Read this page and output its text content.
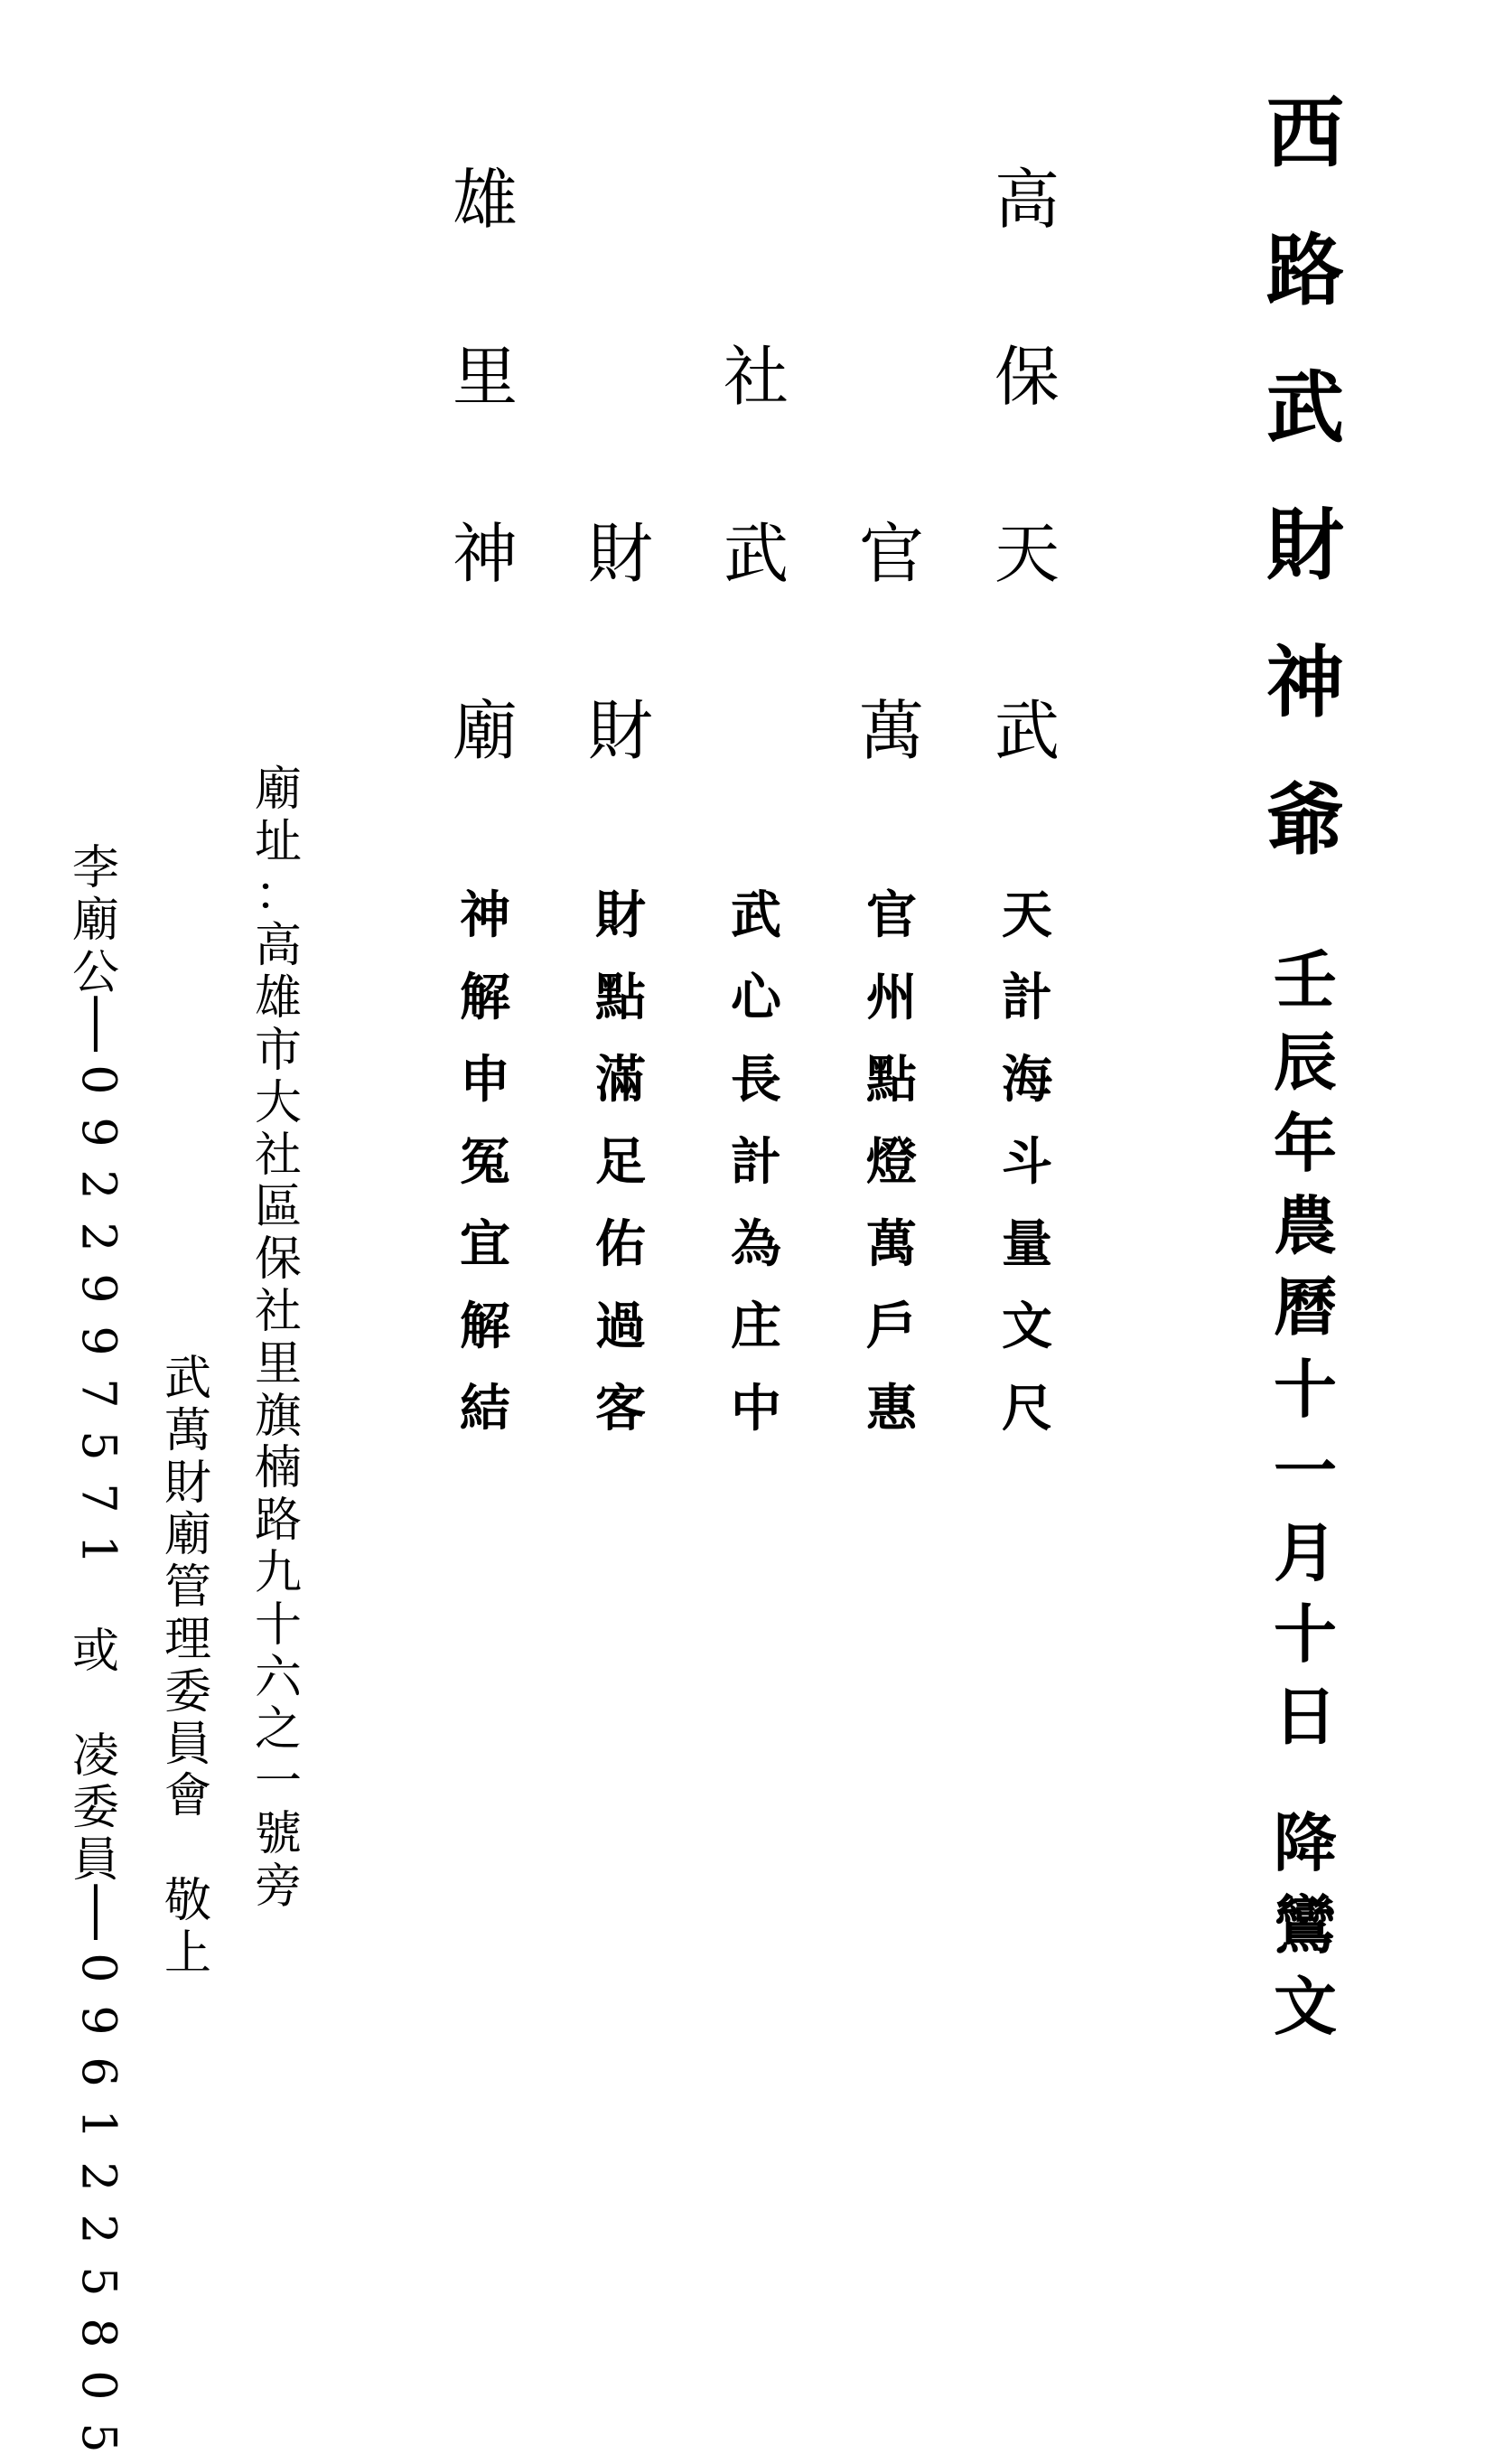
西
路
武
財
神
爺
壬
辰
年
農
曆
十
一
月
十
日
降
鸞
文
高
保
天
武
官
萬
社
武
財
財
雄
里
神
廟
天
計
海
斗
量
文
尺
官
州
點
燈
萬
戶
惠
武
心
長
計
為
庄
中
財
點
滿
足
佑
過
客
神
解
申
冤
宜
解
結
廟
址
：
高
雄
市
大
社
區
保
社
里
旗
楠
路
九
十
六
之
一
號
旁
武
萬
財
廟
管
理
委
員
會
敬
上
李
廟
公
│
0
9
2
2
9
9
7
5
7
1
或
凌
委
員
│
0
9
6
1
2
2
5
8
0
5
